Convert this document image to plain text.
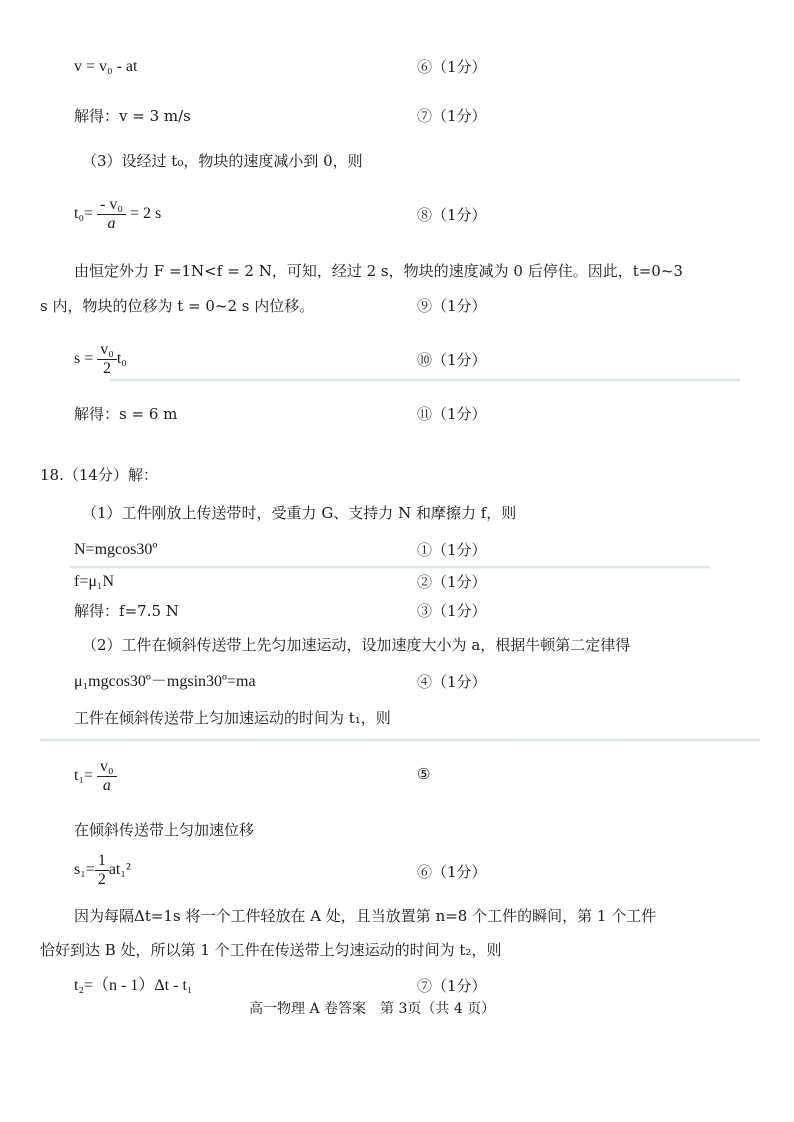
v = v₀ - at	⑥（1分）
解得：v = 3 m/s	⑦（1分）
（3）设经过 t₀，物块的速度减小到 0，则
$t_0= \frac{\text{- v₀}}{a} = 2$ s	⑧（1分）
由恒定外力 F =1N<f = 2 N，可知，经过 2 s，物块的速度减为 0 后停住。因此，t=0~3
s 内，物块的位移为 t = 0~2 s 内位移。	⑨（1分）
$s = \frac{\text{v₀}}{2} t_0$	⑩（1分）
解得：s = 6 m	⑪（1分）
18.（14分）解：
（1）工件刚放上传送带时，受重力 G、支持力 N 和摩擦力 f，则
N=mgcos30º	①（1分）
f=μ₁N	②（1分）
解得：f=7.5 N	③（1分）
（2）工件在倾斜传送带上先匀加速运动，设加速度大小为 a，根据牛顿第二定律得
μ₁mgcos30º－mgsin30º=ma	④（1分）
工件在倾斜传送带上匀加速运动的时间为 t₁，则
$t_1= \frac{\text{v₀}}{a}$	⑤
在倾斜传送带上匀加速位移
$s_1= \frac{1}{2} at_1^2$	⑥（1分）
因为每隔Δt=1s 将一个工件轻放在 A 处，且当放置第 n=8 个工件的瞬间，第 1 个工件
恰好到达 B 处，所以第 1 个工件在传送带上匀速运动的时间为 t₂，则
t₂=（n - 1）Δt - t₁	⑦（1分）
高一物理 A 卷答案　第 3页（共 4 页）
